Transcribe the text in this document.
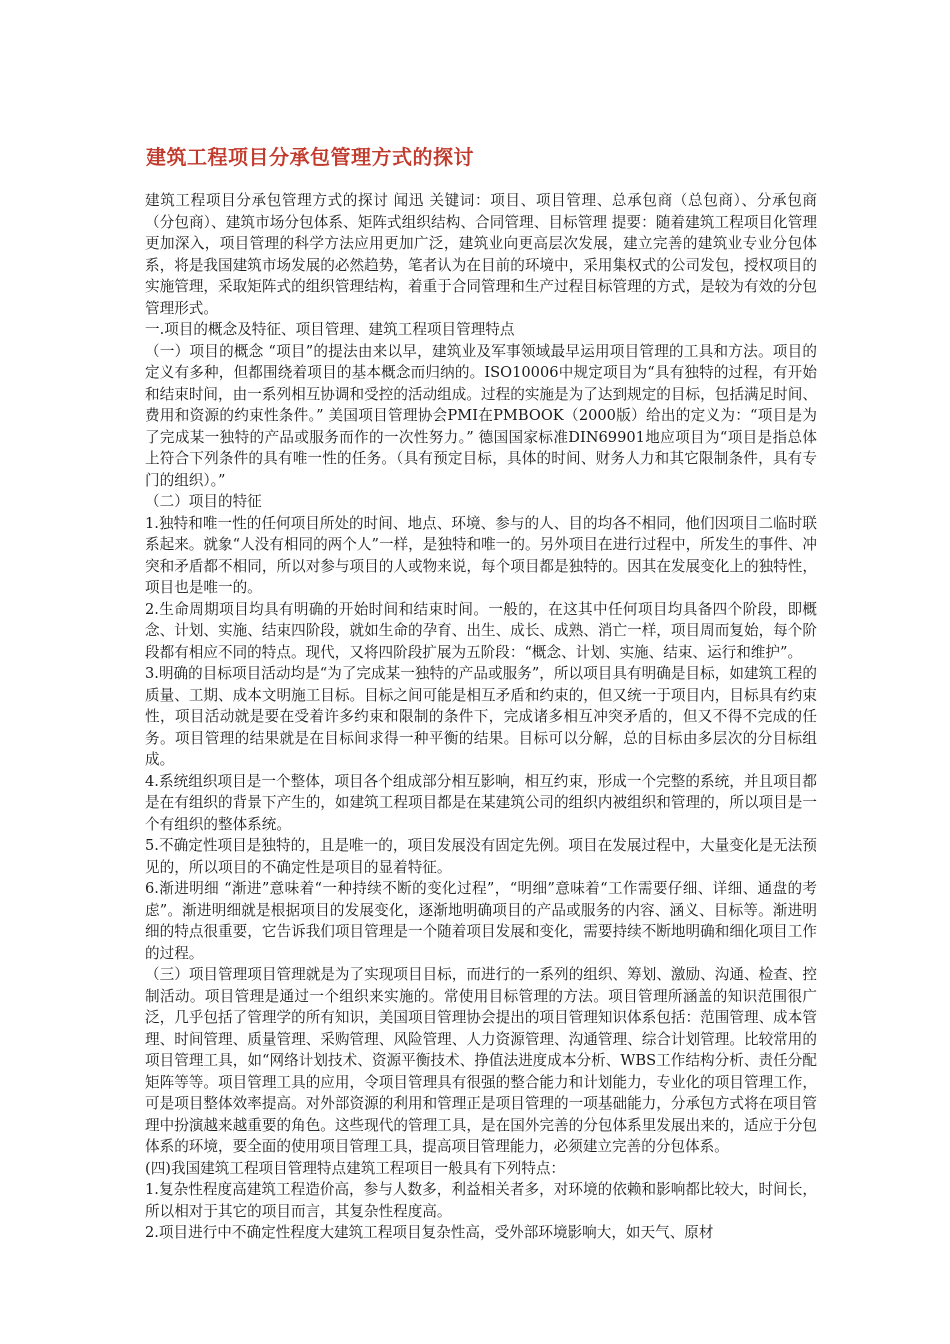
建筑工程项目分承包管理方式的探讨

建筑工程项目分承包管理方式的探讨 闻迅 关键词：项目、项目管理、总承包商（总包商）、分承包商（分包商）、建筑市场分包体系、矩阵式组织结构、合同管理、目标管理 提要：随着建筑工程项目化管理更加深入，项目管理的科学方法应用更加广泛，建筑业向更高层次发展，建立完善的建筑业专业分包体系，将是我国建筑市场发展的必然趋势，笔者认为在目前的环境中，采用集权式的公司发包，授权项目的实施管理，采取矩阵式的组织管理结构，着重于合同管理和生产过程目标管理的方式，是较为有效的分包管理形式。

一.项目的概念及特征、项目管理、建筑工程项目管理特点

（一）项目的概念 “项目”的提法由来以早，建筑业及军事领域最早运用项目管理的工具和方法。项目的定义有多种，但都围绕着项目的基本概念而归纳的。ISO10006中规定项目为“具有独特的过程，有开始和结束时间，由一系列相互协调和受控的活动组成。过程的实施是为了达到规定的目标，包括满足时间、费用和资源的约束性条件。” 美国项目管理协会PMI在PMBOOK（2000版）给出的定义为：“项目是为了完成某一独特的产品或服务而作的一次性努力。” 德国国家标准DIN69901地应项目为“项目是指总体上符合下列条件的具有唯一性的任务。（具有预定目标，具体的时间、财务人力和其它限制条件，具有专门的组织）。”

（二）项目的特征

1.独特和唯一性的任何项目所处的时间、地点、环境、参与的人、目的均各不相同，他们因项目二临时联系起来。就象“人没有相同的两个人”一样，是独特和唯一的。另外项目在进行过程中，所发生的事件、冲突和矛盾都不相同，所以对参与项目的人或物来说，每个项目都是独特的。因其在发展变化上的独特性，项目也是唯一的。

2.生命周期项目均具有明确的开始时间和结束时间。一般的，在这其中任何项目均具备四个阶段，即概念、计划、实施、结束四阶段，就如生命的孕育、出生、成长、成熟、消亡一样，项目周而复始，每个阶段都有相应不同的特点。现代，又将四阶段扩展为五阶段：“概念、计划、实施、结束、运行和维护”。

3.明确的目标项目活动均是“为了完成某一独特的产品或服务”，所以项目具有明确是目标，如建筑工程的质量、工期、成本文明施工目标。目标之间可能是相互矛盾和约束的，但又统一于项目内，目标具有约束性，项目活动就是要在受着许多约束和限制的条件下，完成诸多相互冲突矛盾的，但又不得不完成的任务。项目管理的结果就是在目标间求得一种平衡的结果。目标可以分解，总的目标由多层次的分目标组成。

4.系统组织项目是一个整体，项目各个组成部分相互影响，相互约束，形成一个完整的系统，并且项目都是在有组织的背景下产生的，如建筑工程项目都是在某建筑公司的组织内被组织和管理的，所以项目是一个有组织的整体系统。

5.不确定性项目是独特的，且是唯一的，项目发展没有固定先例。项目在发展过程中，大量变化是无法预见的，所以项目的不确定性是项目的显着特征。

6.渐进明细 “渐进”意味着“一种持续不断的变化过程”，“明细”意味着“工作需要仔细、详细、通盘的考虑”。渐进明细就是根据项目的发展变化，逐渐地明确项目的产品或服务的内容、涵义、目标等。渐进明细的特点很重要，它告诉我们项目管理是一个随着项目发展和变化，需要持续不断地明确和细化项目工作的过程。

（三）项目管理项目管理就是为了实现项目目标，而进行的一系列的组织、筹划、激励、沟通、检查、控制活动。项目管理是通过一个组织来实施的。常使用目标管理的方法。项目管理所涵盖的知识范围很广泛，几乎包括了管理学的所有知识，美国项目管理协会提出的项目管理知识体系包括：范围管理、成本管理、时间管理、质量管理、采购管理、风险管理、人力资源管理、沟通管理、综合计划管理。比较常用的项目管理工具，如“网络计划技术、资源平衡技术、挣值法进度成本分析、WBS工作结构分析、责任分配矩阵等等。项目管理工具的应用，令项目管理具有很强的整合能力和计划能力，专业化的项目管理工作，可是项目整体效率提高。对外部资源的利用和管理正是项目管理的一项基础能力，分承包方式将在项目管理中扮演越来越重要的角色。这些现代的管理工具，是在国外完善的分包体系里发展出来的，适应于分包体系的环境，要全面的使用项目管理工具，提高项目管理能力，必须建立完善的分包体系。

(四)我国建筑工程项目管理特点建筑工程项目一般具有下列特点：

1.复杂性程度高建筑工程造价高，参与人数多，利益相关者多，对环境的依赖和影响都比较大，时间长，所以相对于其它的项目而言，其复杂性程度高。

2.项目进行中不确定性程度大建筑工程项目复杂性高，受外部环境影响大，如天气、原材
